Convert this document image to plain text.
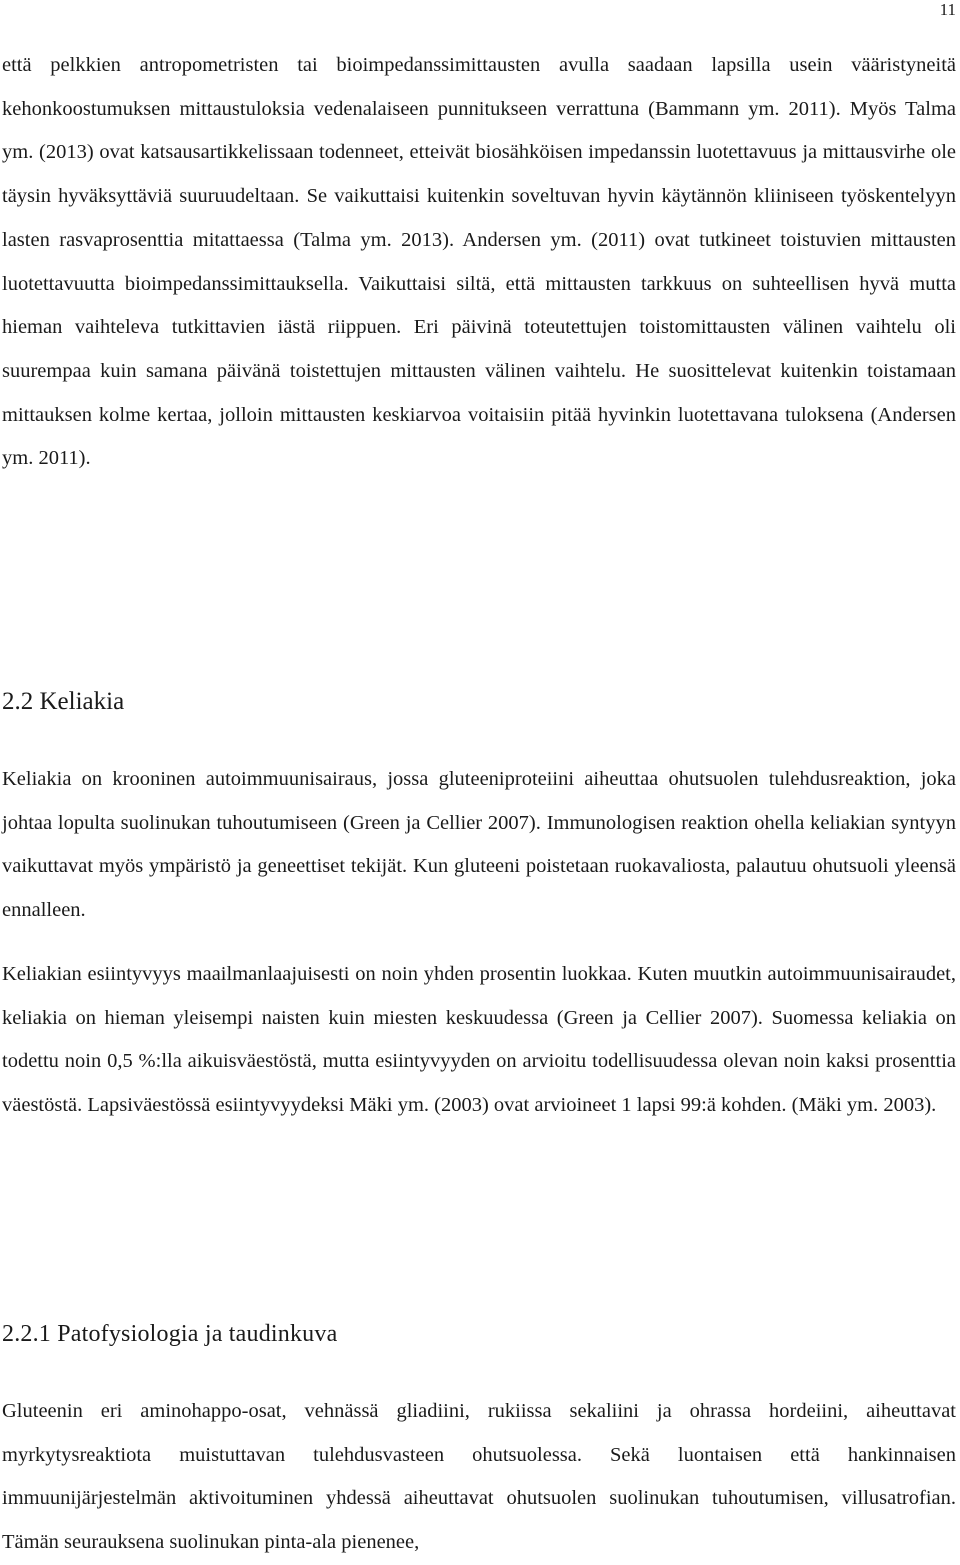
11

että pelkkien antropometristen tai bioimpedanssimittausten avulla saadaan lapsilla usein vääristyneitä kehonkoostumuksen mittaustuloksia vedenalaiseen punnitukseen verrattuna (Bammann ym. 2011). Myös Talma ym. (2013) ovat katsausartikkelissaan todenneet, etteivät biosähköisen impedanssin luotettavuus ja mittausvirhe ole täysin hyväksyttäviä suuruudeltaan. Se vaikuttaisi kuitenkin soveltuvan hyvin käytännön kliiniseen työskentelyyn lasten rasvaprosenttia mitattaessa (Talma ym. 2013). Andersen ym. (2011) ovat tutkineet toistuvien mittausten luotettavuutta bioimpedanssimittauksella. Vaikuttaisi siltä, että mittausten tarkkuus on suhteellisen hyvä mutta hieman vaihteleva tutkittavien iästä riippuen. Eri päivinä toteutettujen toistomittausten välinen vaihtelu oli suurempaa kuin samana päivänä toistettujen mittausten välinen vaihtelu. He suosittelevat kuitenkin toistamaan mittauksen kolme kertaa, jolloin mittausten keskiarvoa voitaisiin pitää hyvinkin luotettavana tuloksena (Andersen ym. 2011).

2.2 Keliakia

Keliakia on krooninen autoimmuunisairaus, jossa gluteeniproteiini aiheuttaa ohutsuolen tulehdusreaktion, joka johtaa lopulta suolinukan tuhoutumiseen (Green ja Cellier 2007). Immunologisen reaktion ohella keliakian syntyyn vaikuttavat myös ympäristö ja geneettiset tekijät. Kun gluteeni poistetaan ruokavaliosta, palautuu ohutsuoli yleensä ennalleen.

Keliakian esiintyvyys maailmanlaajuisesti on noin yhden prosentin luokkaa. Kuten muutkin autoimmuunisairaudet, keliakia on hieman yleisempi naisten kuin miesten keskuudessa (Green ja Cellier 2007). Suomessa keliakia on todettu noin 0,5 %:lla aikuisväestöstä, mutta esiintyvyyden on arvioitu todellisuudessa olevan noin kaksi prosenttia väestöstä. Lapsiväestössä esiintyvyydeksi Mäki ym. (2003) ovat arvioineet 1 lapsi 99:ä kohden. (Mäki ym. 2003).

2.2.1 Patofysiologia ja taudinkuva

Gluteenin eri aminohappo-osat, vehnässä gliadiini, rukiissa sekaliini ja ohrassa hordeiini, aiheuttavat myrkytysreaktiota muistuttavan tulehdusvasteen ohutsuolessa. Sekä luontaisen että hankinnaisen immuunijärjestelmän aktivoituminen yhdessä aiheuttavat ohutsuolen suolinukan tuhoutumisen, villusatrofian. Tämän seurauksena suolinukan pinta-ala pienenee,
